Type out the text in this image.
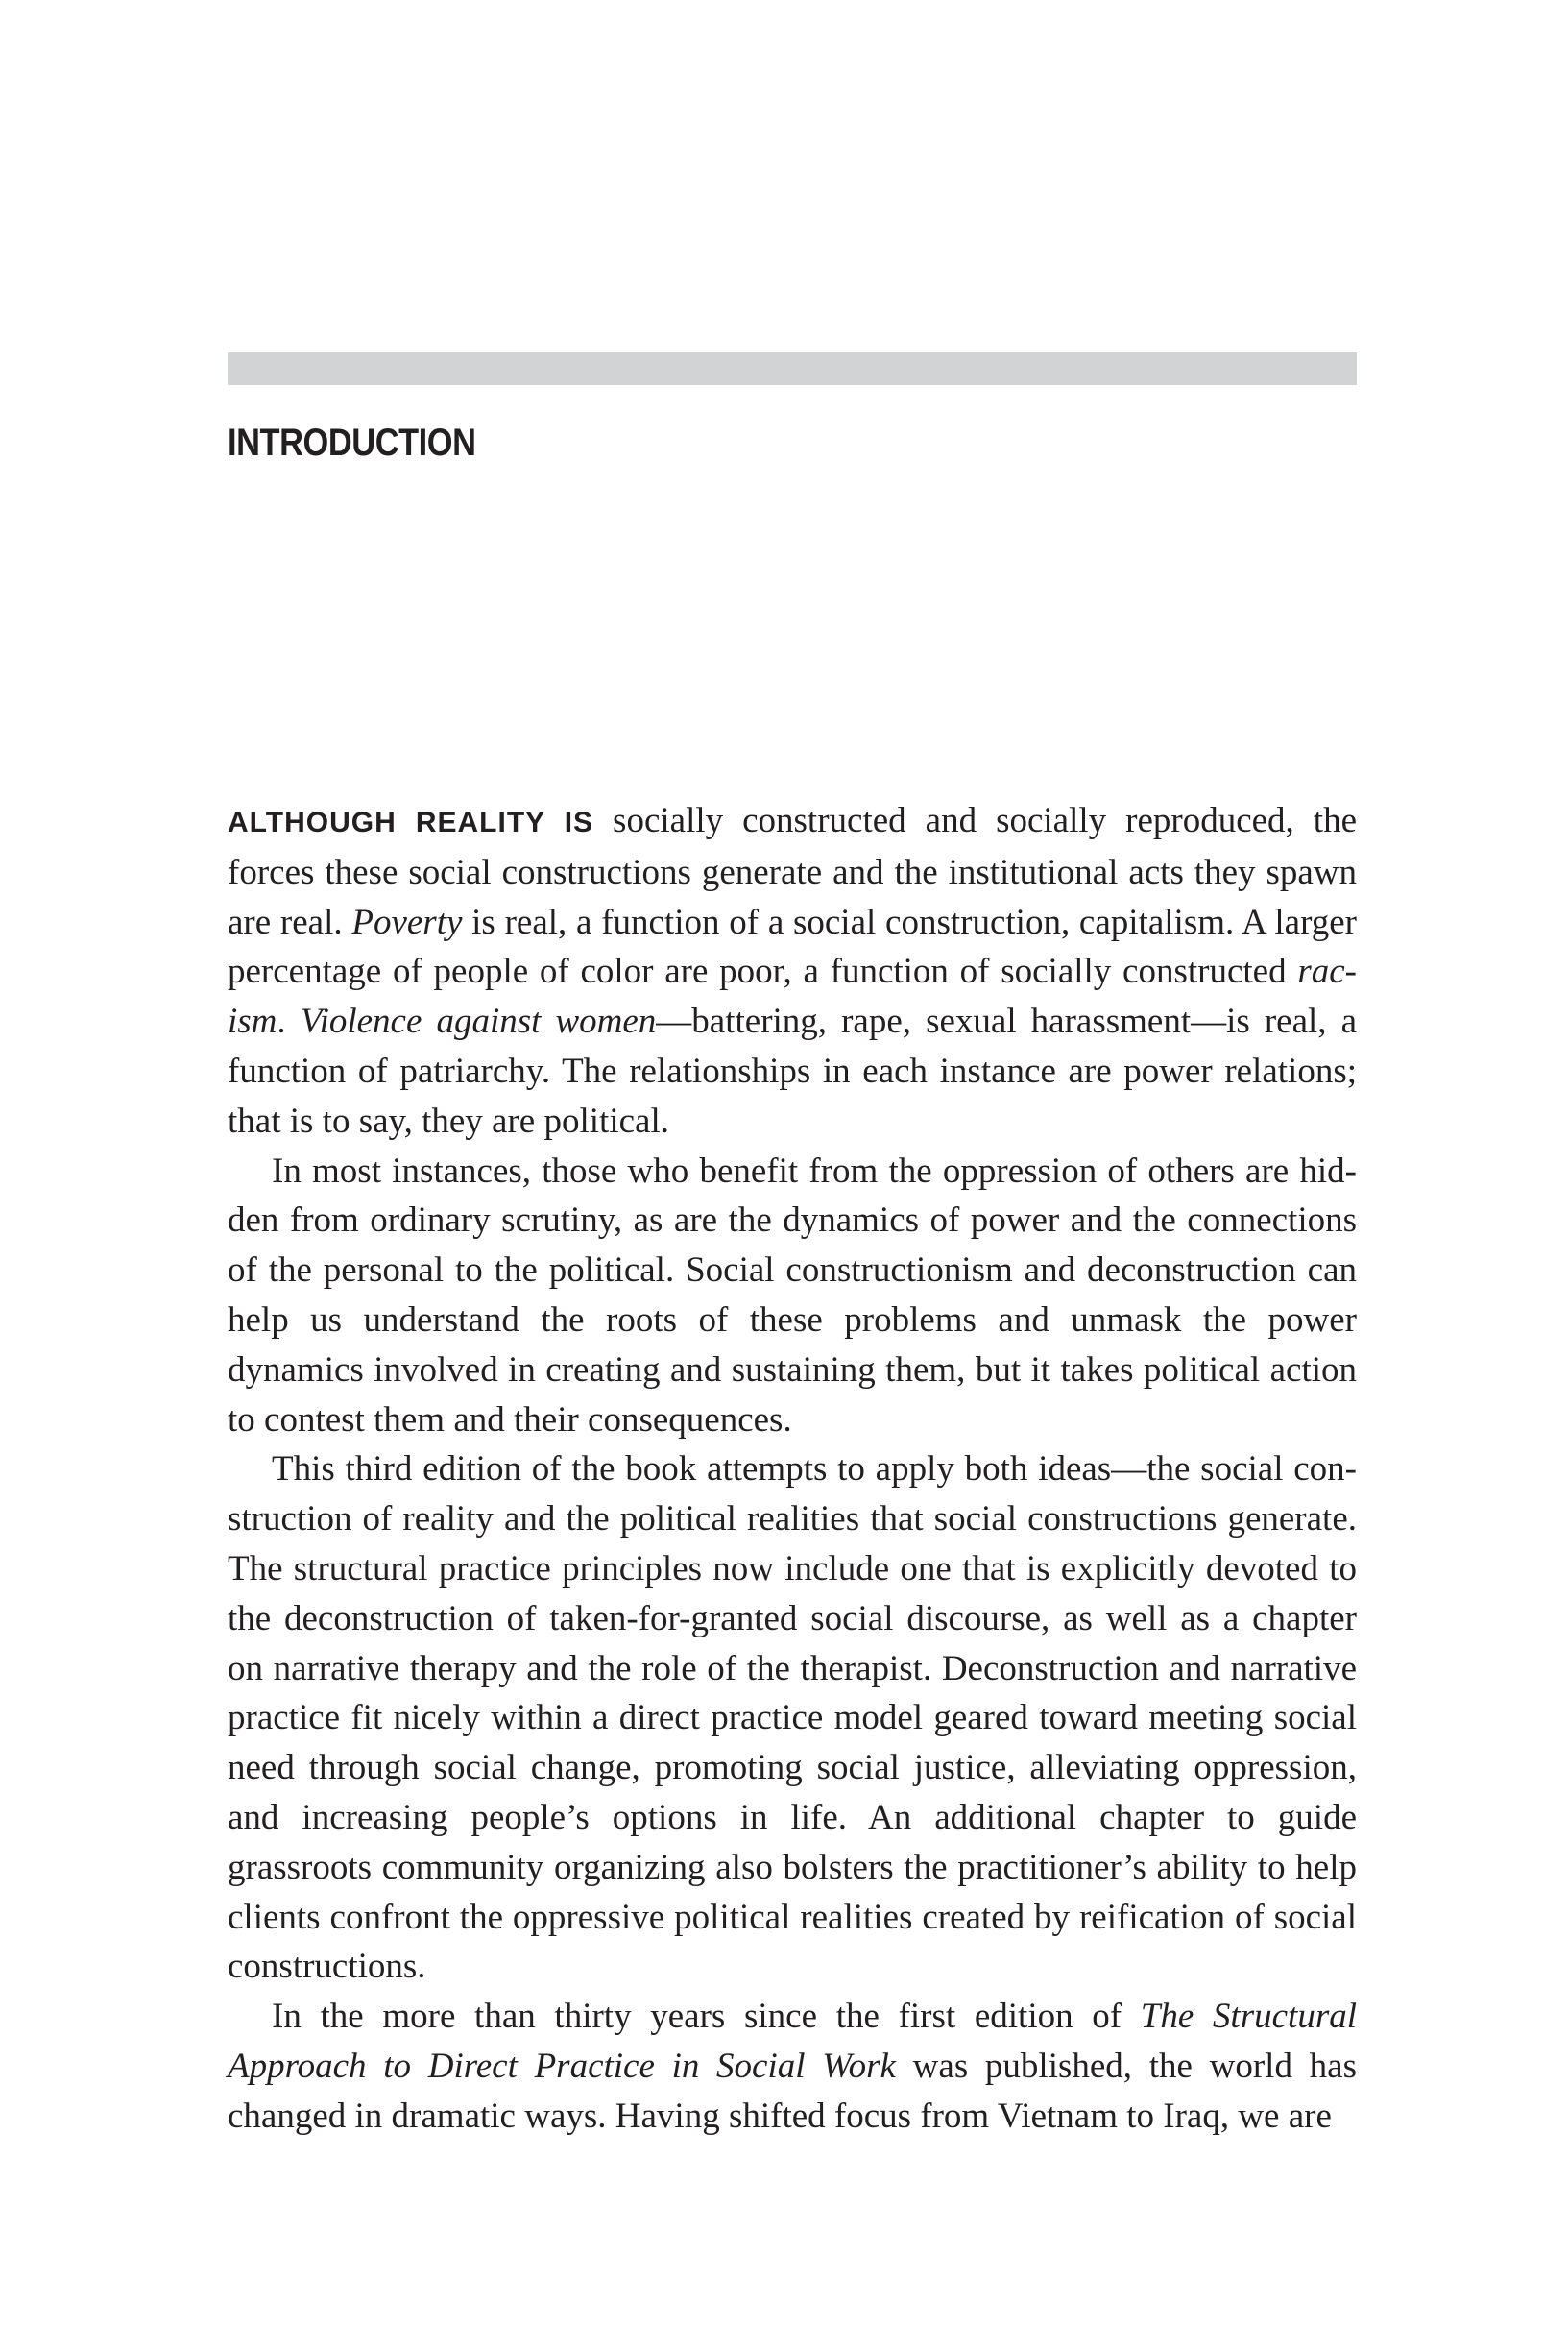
INTRODUCTION

ALTHOUGH REALITY IS socially constructed and socially reproduced, the forces these social constructions generate and the institutional acts they spawn are real. Poverty is real, a function of a social construction, capitalism. A larger percentage of people of color are poor, a function of socially constructed racism. Violence against women—battering, rape, sexual harassment—is real, a function of patriarchy. The relationships in each instance are power relations; that is to say, they are political.

In most instances, those who benefit from the oppression of others are hidden from ordinary scrutiny, as are the dynamics of power and the connections of the personal to the political. Social constructionism and deconstruction can help us understand the roots of these problems and unmask the power dynamics involved in creating and sustaining them, but it takes political action to contest them and their consequences.

This third edition of the book attempts to apply both ideas—the social construction of reality and the political realities that social constructions generate. The structural practice principles now include one that is explicitly devoted to the deconstruction of taken-for-granted social discourse, as well as a chapter on narrative therapy and the role of the therapist. Deconstruction and narrative practice fit nicely within a direct practice model geared toward meeting social need through social change, promoting social justice, alleviating oppression, and increasing people’s options in life. An additional chapter to guide grassroots community organizing also bolsters the practitioner’s ability to help clients confront the oppressive political realities created by reification of social constructions.

In the more than thirty years since the first edition of The Structural Approach to Direct Practice in Social Work was published, the world has changed in dramatic ways. Having shifted focus from Vietnam to Iraq, we are
